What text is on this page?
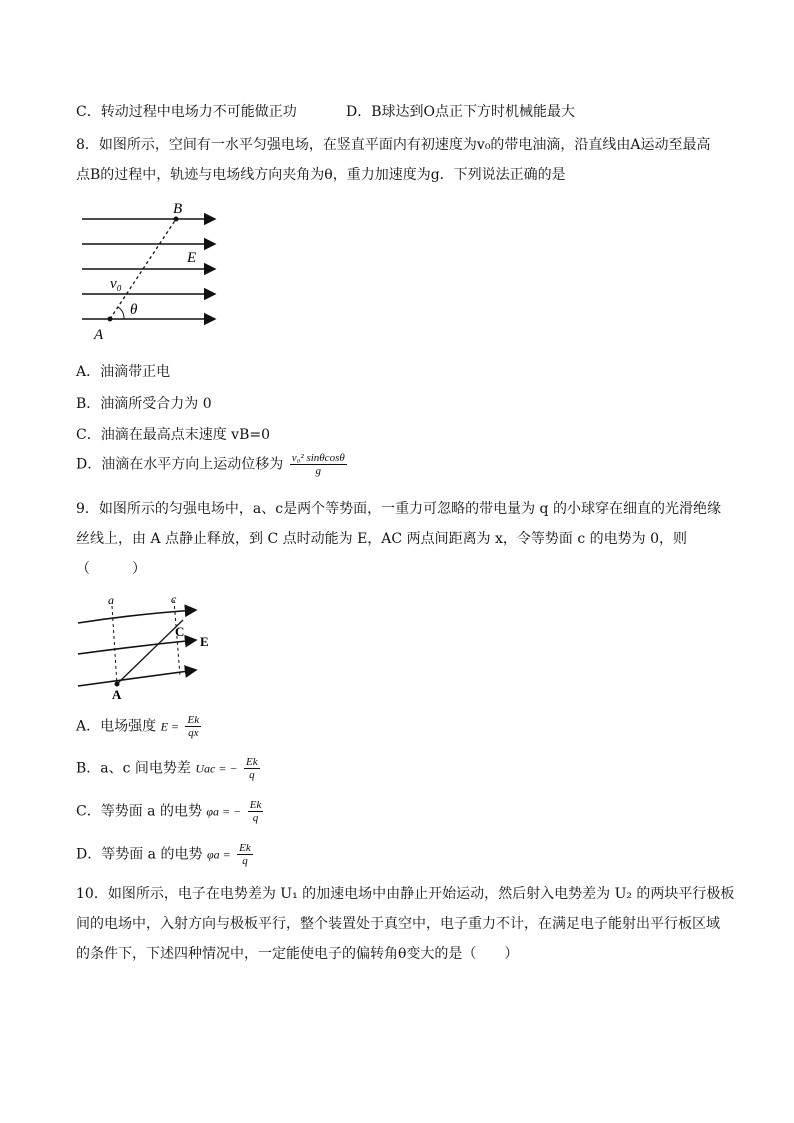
C．转动过程中电场力不可能做正功	D．B球达到O点正下方时机械能最大
8．如图所示，空间有一水平匀强电场，在竖直平面内有初速度为v₀的带电油滴，沿直线由A运动至最高
点B的过程中，轨迹与电场线方向夹角为θ，重力加速度为g．下列说法正确的是
B
E
v₀
θ
A
A．油滴带正电
B．油滴所受合力为 0
C．油滴在最高点末速度 vB=0
D．油滴在水平方向上运动位移为 $\frac{\text{v₀² sinθcosθ}}{g}$
9．如图所示的匀强电场中，a、c是两个等势面，一重力可忽略的带电量为 q 的小球穿在细直的光滑绝缘
丝线上，由 A 点静止释放，到 C 点时动能为 E，AC 两点间距离为 x，令等势面 c 的电势为 0，则
（　　　）
a	c
C
E
A
A．电场强度 $E = \frac{Ek}{qx}$
B．a、c 间电势差 Uac = − $\frac{Ek}{q}$
C．等势面 a 的电势 φa = − $\frac{Ek}{q}$
D．等势面 a 的电势 $\varphi a = \frac{Ek}{q}$
10．如图所示，电子在电势差为 U₁ 的加速电场中由静止开始运动，然后射入电势差为 U₂ 的两块平行极板
间的电场中，入射方向与极板平行，整个装置处于真空中，电子重力不计，在满足电子能射出平行板区域
的条件下，下述四种情况中，一定能使电子的偏转角θ变大的是（　　）
